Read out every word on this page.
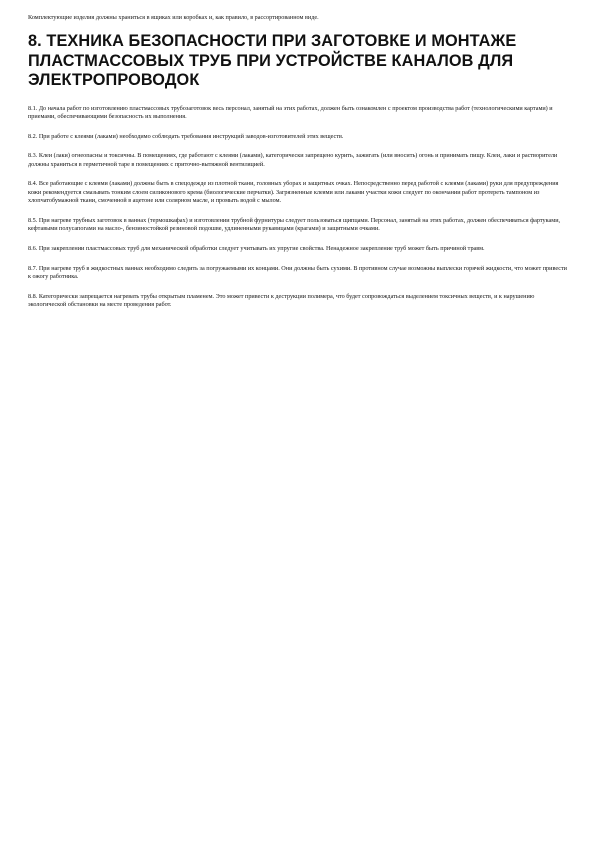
Комплектующие изделия должны храниться в ящиках или коробках и, как правило, в рассортированном виде.

8. ТЕХНИКА БЕЗОПАСНОСТИ ПРИ ЗАГОТОВКЕ И МОНТАЖЕ ПЛАСТМАССОВЫХ ТРУБ ПРИ УСТРОЙСТВЕ КАНАЛОВ ДЛЯ ЭЛЕКТРОПРОВОДОК

8.1. До начала работ по изготовлению пластмассовых трубозаготовок весь персонал, занятый на этих работах, должен быть ознакомлен с проектом производства работ (технологическими картами) и приемами, обеспечивающими безопасность их выполнения.

8.2. При работе с клеями (лаками) необходимо соблюдать требования инструкций заводов-изготовителей этих веществ.

8.3. Клеи (лаки) огнеопасны и токсичны. В помещениях, где работают с клеями (лаками), категорически запрещено курить, зажигать (или вносить) огонь и принимать пищу. Клеи, лаки и растворители должны храниться в герметичной таре в помещениях с приточно-вытяжной вентиляцией.

8.4. Все работающие с клеями (лаками) должны быть в спецодежде из плотной ткани, головных уборах и защитных очках. Непосредственно перед работой с клеями (лаками) руки для предупреждения кожи рекомендуется смазывать тонким слоем силиконового крема (биологические перчатки). Загрязненные клеями или лаками участки кожи следует по окончании работ протереть тампоном из хлопчатобумажной ткани, смоченной в ацетоне или солярном масле, и промыть водой с мылом.

8.5. При нагреве трубных заготовок в ваннах (термошкафах) и изготовлении трубной фурнитуры следует пользоваться щипцами. Персонал, занятый на этих работах, должен обеспечиваться фартуками, кефтавыми полусапогами на масло-, бензиностойкой резиновой подошве, удлиненными рукавицами (крагами) и защитными очками.

8.6. При закреплении пластмассовых труб для механической обработки следует учитывать их упругие свойства. Ненадежное закрепление труб может быть причиной травм.

8.7. При нагреве труб в жидкостных ваннах необходимо следить за погружаемыми их концами. Они должны быть сухими. В противном случае возможны выплески горячей жидкости, что может привести к ожогу работника.

8.8. Категорически запрещается нагревать трубы открытым пламенем. Это может привести к деструкции полимера, что будет сопровождаться выделением токсичных веществ, и к нарушению экологической обстановки на месте проведения работ.
